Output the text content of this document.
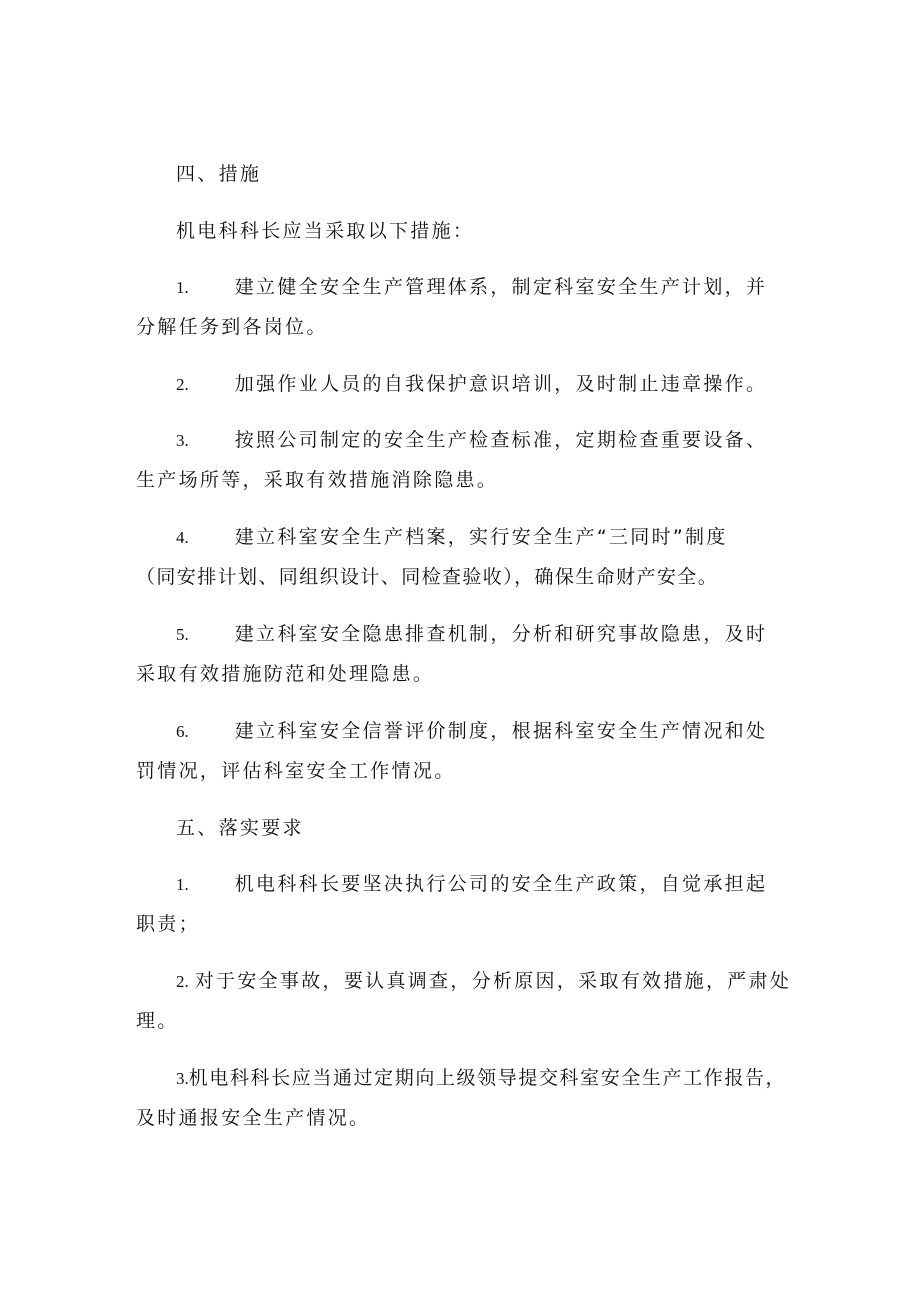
四、措施
机电科科长应当采取以下措施：
1. 建立健全安全生产管理体系，制定科室安全生产计划，并
分解任务到各岗位。
2. 加强作业人员的自我保护意识培训，及时制止违章操作。
3. 按照公司制定的安全生产检查标准，定期检查重要设备、
生产场所等，采取有效措施消除隐患。
4. 建立科室安全生产档案，实行安全生产“三同时”制度
（同安排计划、同组织设计、同检查验收），确保生命财产安全。
5. 建立科室安全隐患排查机制，分析和研究事故隐患，及时
采取有效措施防范和处理隐患。
6. 建立科室安全信誉评价制度，根据科室安全生产情况和处
罚情况，评估科室安全工作情况。
五、落实要求
1. 机电科科长要坚决执行公司的安全生产政策，自觉承担起
职责；
2. 对于安全事故，要认真调查，分析原因，采取有效措施，严肃处
理。
3.机电科科长应当通过定期向上级领导提交科室安全生产工作报告，
及时通报安全生产情况。
